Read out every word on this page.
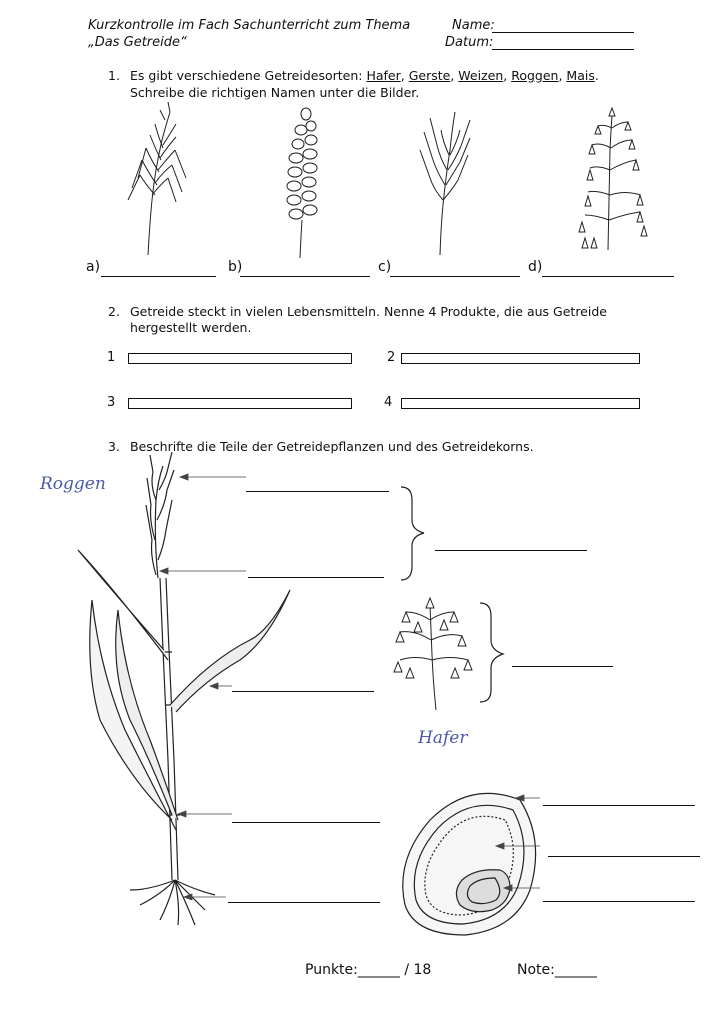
Kurzkontrolle im Fach Sachunterricht zum Thema
„Das Getreide“
Name:
Datum:
1. Es gibt verschiedene Getreidesorten: Hafer, Gerste, Weizen, Roggen, Mais.
Schreibe die richtigen Namen unter die Bilder.
a)	b)	c)	d)
2. Getreide steckt in vielen Lebensmitteln. Nenne 4 Produkte, die aus Getreide
hergestellt werden.
1	2
3	4
3. Beschrifte die Teile der Getreidepflanzen und des Getreidekorns.
Roggen
Hafer
Punkte:______ / 18	Note:______
